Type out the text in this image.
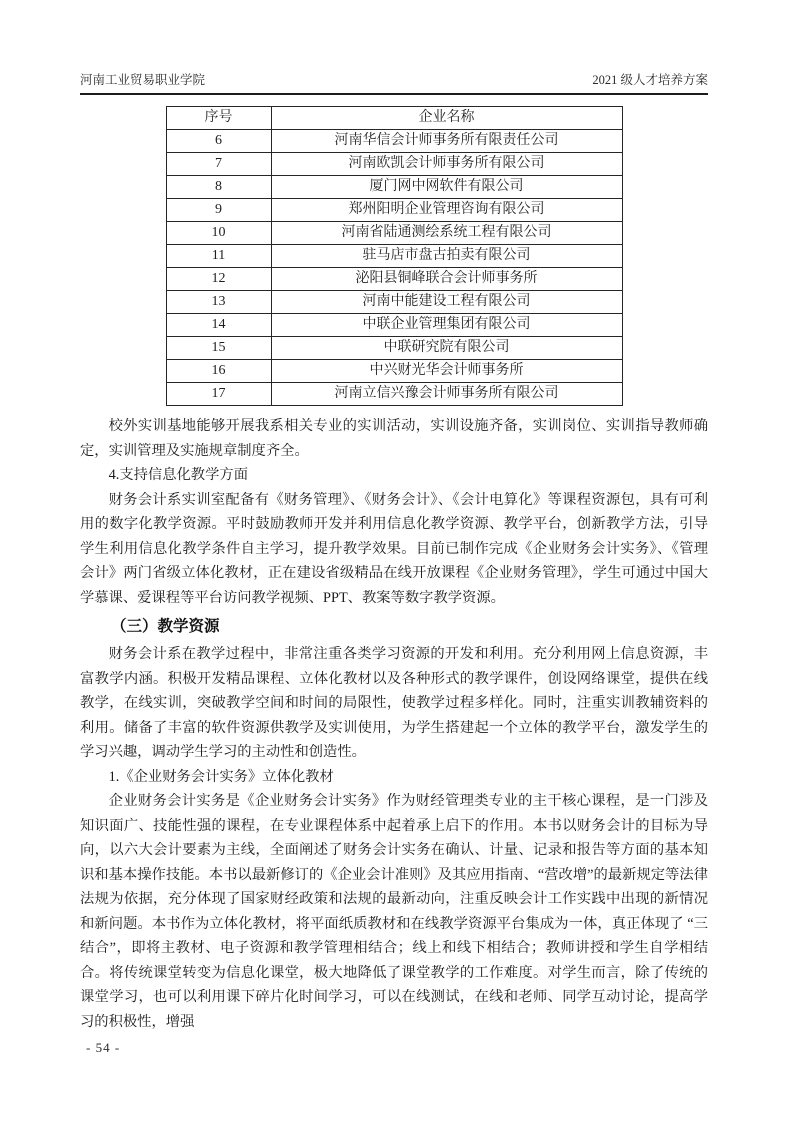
河南工业贸易职业学院	2021 级人才培养方案
序号	企业名称
6	河南华信会计师事务所有限责任公司
7	河南欧凯会计师事务所有限公司
8	厦门网中网软件有限公司
9	郑州阳明企业管理咨询有限公司
10	河南省陆通测绘系统工程有限公司
11	驻马店市盘古拍卖有限公司
12	泌阳县铜峰联合会计师事务所
13	河南中能建设工程有限公司
14	中联企业管理集团有限公司
15	中联研究院有限公司
16	中兴财光华会计师事务所
17	河南立信兴豫会计师事务所有限公司

校外实训基地能够开展我系相关专业的实训活动，实训设施齐备，实训岗位、实训指导教师确定，实训管理及实施规章制度齐全。

4.支持信息化教学方面

财务会计系实训室配备有《财务管理》、《财务会计》、《会计电算化》等课程资源包，具有可利用的数字化教学资源。平时鼓励教师开发并利用信息化教学资源、教学平台，创新教学方法，引导学生利用信息化教学条件自主学习，提升教学效果。目前已制作完成《企业财务会计实务》、《管理会计》两门省级立体化教材，正在建设省级精品在线开放课程《企业财务管理》，学生可通过中国大学慕课、爱课程等平台访问教学视频、PPT、教案等数字教学资源。

（三）教学资源

财务会计系在教学过程中，非常注重各类学习资源的开发和利用。充分利用网上信息资源，丰富教学内涵。积极开发精品课程、立体化教材以及各种形式的教学课件，创设网络课堂，提供在线教学，在线实训，突破教学空间和时间的局限性，使教学过程多样化。同时，注重实训教辅资料的利用。储备了丰富的软件资源供教学及实训使用，为学生搭建起一个立体的教学平台，激发学生的学习兴趣，调动学生学习的主动性和创造性。

1.《企业财务会计实务》立体化教材

企业财务会计实务是《企业财务会计实务》作为财经管理类专业的主干核心课程，是一门涉及知识面广、技能性强的课程，在专业课程体系中起着承上启下的作用。本书以财务会计的目标为导向，以六大会计要素为主线，全面阐述了财务会计实务在确认、计量、记录和报告等方面的基本知识和基本操作技能。本书以最新修订的《企业会计准则》及其应用指南、“营改增”的最新规定等法律法规为依据，充分体现了国家财经政策和法规的最新动向，注重反映会计工作实践中出现的新情况和新问题。本书作为立体化教材，将平面纸质教材和在线教学资源平台集成为一体，真正体现了 “三结合”，即将主教材、电子资源和教学管理相结合；线上和线下相结合；教师讲授和学生自学相结合。将传统课堂转变为信息化课堂，极大地降低了课堂教学的工作难度。对学生而言，除了传统的课堂学习，也可以利用课下碎片化时间学习，可以在线测试，在线和老师、同学互动讨论，提高学习的积极性，增强

- 54 -
